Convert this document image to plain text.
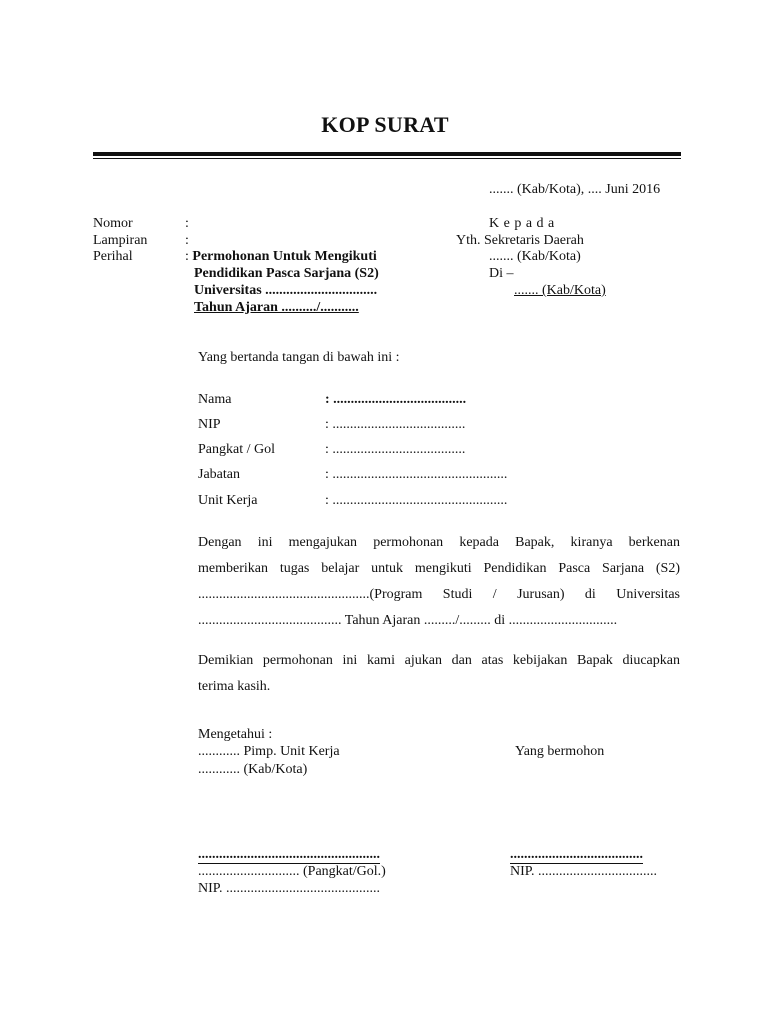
KOP SURAT
....... (Kab/Kota), .... Juni 2016
Nomor	:
Lampiran	:
Perihal	: Permohonan Untuk Mengikuti
Pendidikan Pasca Sarjana (S2)
Universitas ................................
Tahun Ajaran ........../...........
K e p a d a
Yth. Sekretaris Daerah
....... (Kab/Kota)
Di –
....... (Kab/Kota)
Yang bertanda tangan di bawah ini :
Nama	: ......................................
NIP	: ......................................
Pangkat / Gol	: ......................................
Jabatan	: ..................................................
Unit Kerja	: ..................................................
Dengan ini mengajukan permohonan kepada Bapak, kiranya berkenan
memberikan tugas belajar untuk mengikuti Pendidikan Pasca Sarjana (S2)
.................................................(Program Studi / Jurusan) di Universitas
......................................... Tahun Ajaran ........./......... di ...............................
Demikian permohonan ini kami ajukan dan atas kebijakan Bapak diucapkan
terima kasih.
Mengetahui :
............ Pimp. Unit Kerja
............ (Kab/Kota)
Yang bermohon
....................................................
............................. (Pangkat/Gol.)
NIP. ............................................
......................................
NIP. ..................................
